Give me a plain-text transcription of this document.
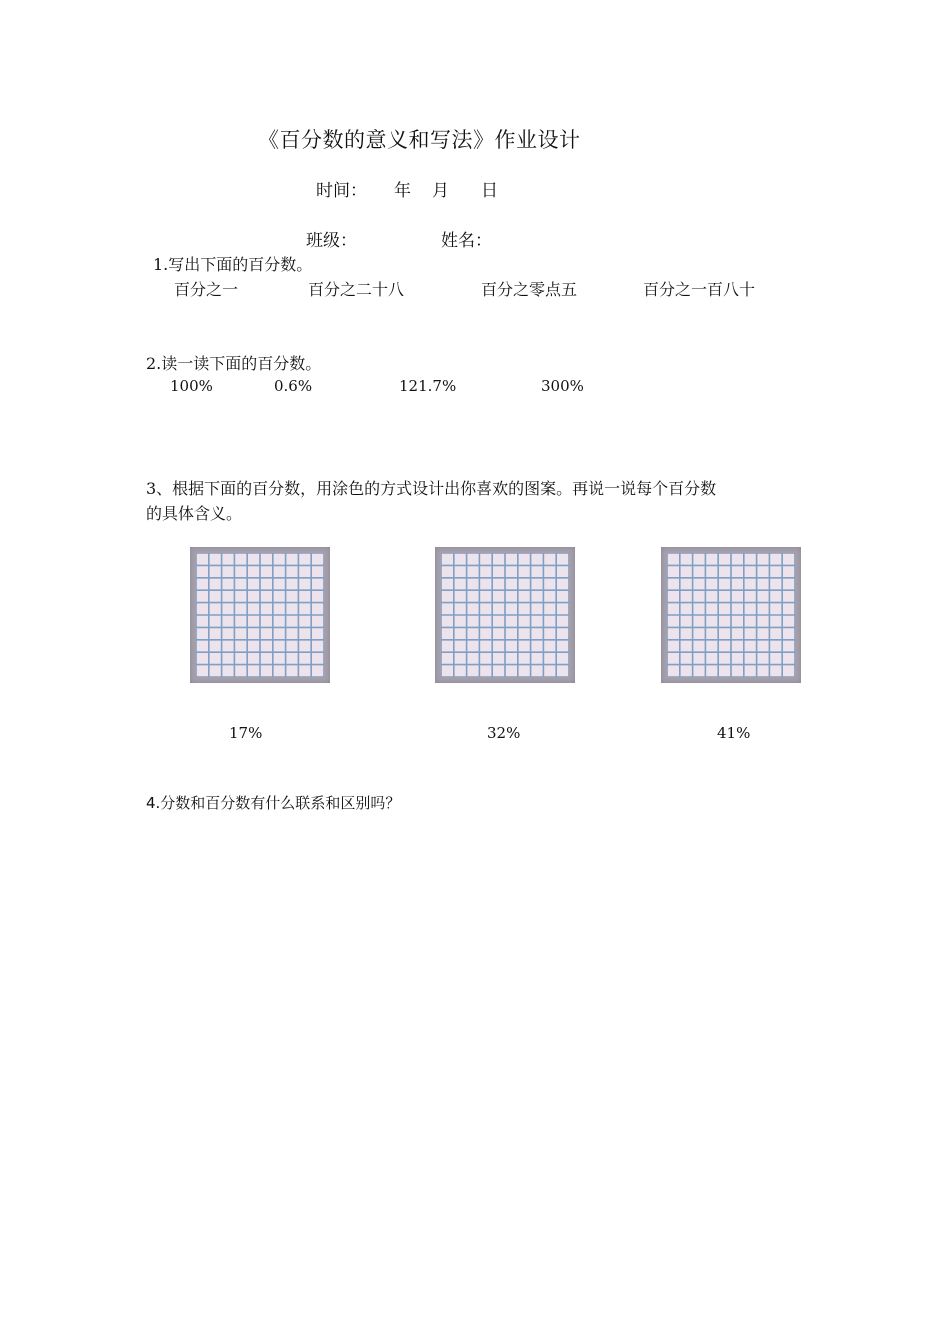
《百分数的意义和写法》作业设计
时间： 年 月 日
班级：	姓名：
1.写出下面的百分数。
百分之一	百分之二十八	百分之零点五	百分之一百八十
2.读一读下面的百分数。
100%	0.6%	121.7%	300%
3、根据下面的百分数，用涂色的方式设计出你喜欢的图案。再说一说每个百分数
的具体含义。
17%	32%	41%
4.分数和百分数有什么联系和区别吗？
